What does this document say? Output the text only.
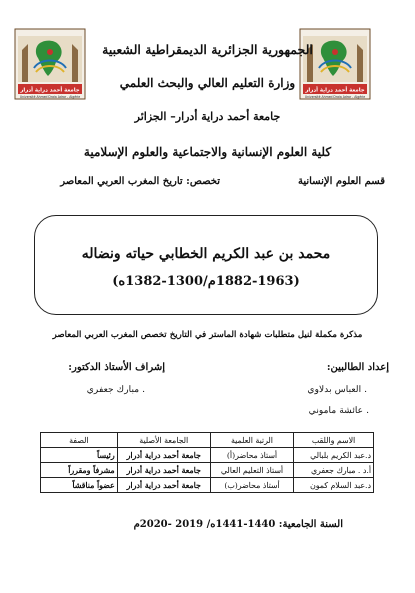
جامعة أحمد دراية أدرار
Université Ahmed Draia Adrar - Algérie
جامعة أحمد دراية أدرار
Université Ahmed Draia Adrar - Algérie
الجمهورية الجزائرية الديمقراطية الشعبية
وزارة التعليم العالي والبحث العلمي
جامعة أحمد دراية أدرار– الجزائر
كلية العلوم الإنسانية والاجتماعية والعلوم الإسلامية
قسم العلوم الإنسانية
تخصص: تاريخ المغرب العربي المعاصر
محمد بن عبد الكريم الخطابي حياته ونضاله
(1882-1963م/1300-1382ه)
مذكرة مكملة لنيل متطلبات شهادة الماستر في التاريخ تخصص المغرب العربي المعاصر
إعداد الطالبين:
. العباس بدلاوي
. عائشة ماموني
إشراف الأستاذ الدكتور:
. مبارك جعفري
الاسم واللقب	الرتبة العلمية	الجامعة الأصلية	الصفة
د.عبد الكريم بلبالي	أستاذ محاضر(أ)	جامعة أحمد دراية أدرار	رئيساً
أ.د . مبارك جعفري	أستاذ التعليم العالي	جامعة أحمد دراية أدرار	مشرفاً ومقرراً
د.عبد السلام كمون	أستاذ محاضر(ب)	جامعة أحمد دراية أدرار	عضواً مناقشاً
السنة الجامعية: 1440-1441ه/ 2019 -2020م
